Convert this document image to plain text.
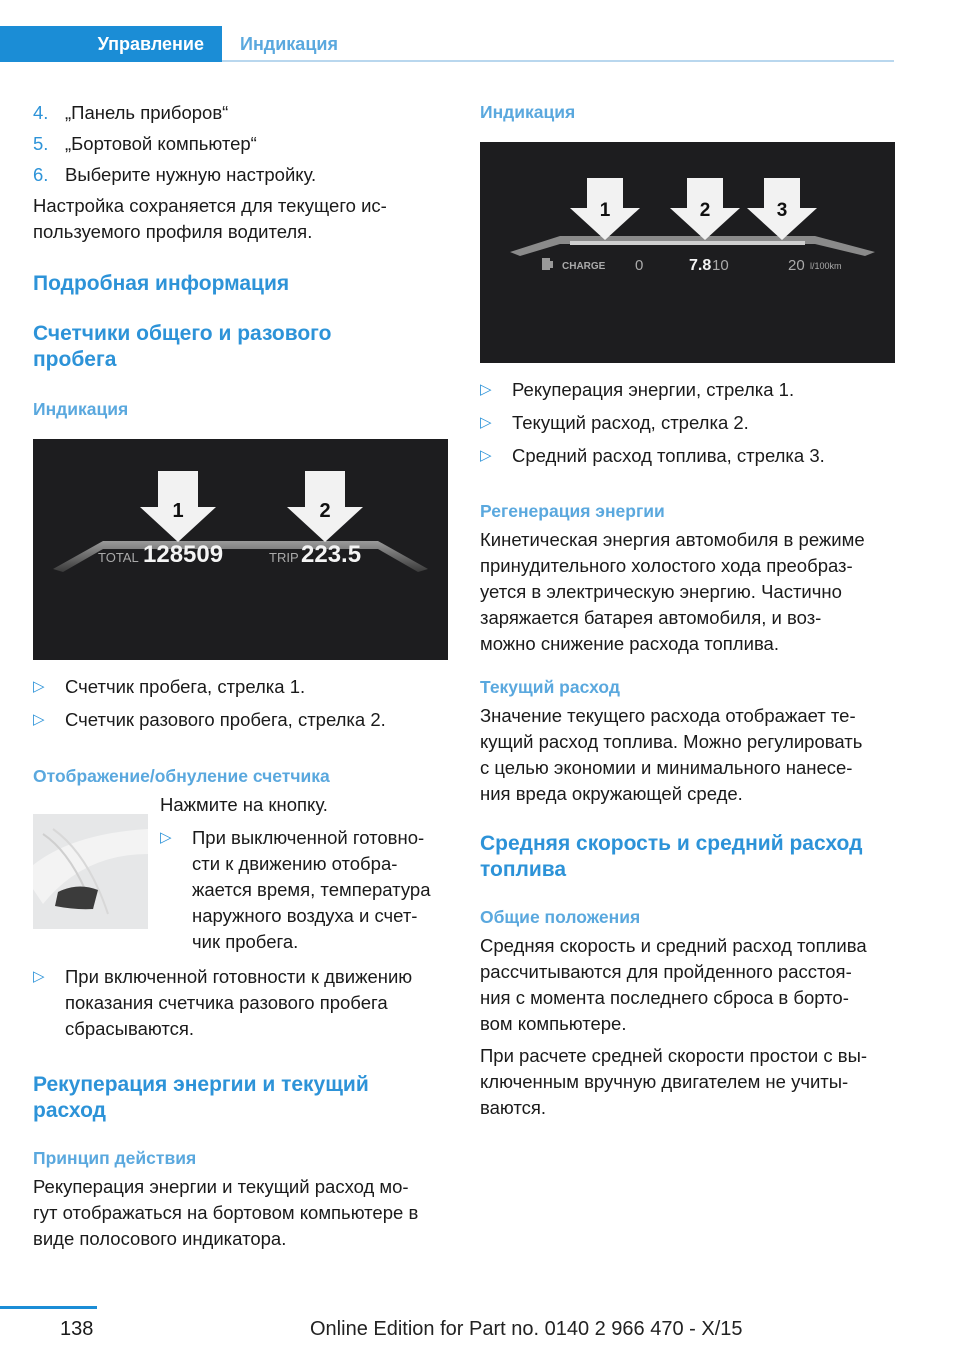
Управление	Индикация
4. „Панель приборов“
5. „Бортовой компьютер“
6. Выберите нужную настройку.

Настройка сохраняется для текущего ис-
пользуемого профиля водителя.

Подробная информация
Счетчики общего и разового
пробега
Индикация
1	2
TOTAL 128509	TRIP 223.5
▷	Счетчик пробега, стрелка 1.
▷	Счетчик разового пробега, стрелка 2.
Отображение/обнуление счетчика

Нажмите на кнопку.

▷	При выключенной готовно-
сти к движению отобра-
жается время, температура
наружного воздуха и счет-
чик пробега.
▷	При включенной готовности к движению
показания счетчика разового пробега
сбрасываются.
Рекуперация энергии и текущий
расход
Принцип действия

Рекуперация энергии и текущий расход мо-
гут отображаться на бортовом компьютере в
виде полосового индикатора.

Индикация
1	2	3
CHARGE 0	7.8 10	20 l/100km
▷	Рекуперация энергии, стрелка 1.
▷	Текущий расход, стрелка 2.
▷	Средний расход топлива, стрелка 3.
Регенерация энергии

Кинетическая энергия автомобиля в режиме
принудительного холостого хода преобраз-
уется в электрическую энергию. Частично
заряжается батарея автомобиля, и воз-
можно снижение расхода топлива.

Текущий расход

Значение текущего расхода отображает те-
кущий расход топлива. Можно регулировать
с целью экономии и минимального нанесе-
ния вреда окружающей среде.

Средняя скорость и средний расход
топлива
Общие положения

Средняя скорость и средний расход топлива
рассчитываются для пройденного расстоя-
ния с момента последнего сброса в борто-
вом компьютере.

При расчете средней скорости простои с вы-
ключенным вручную двигателем не учиты-
ваются.

138	Online Edition for Part no. 0140 2 966 470 - X/15
